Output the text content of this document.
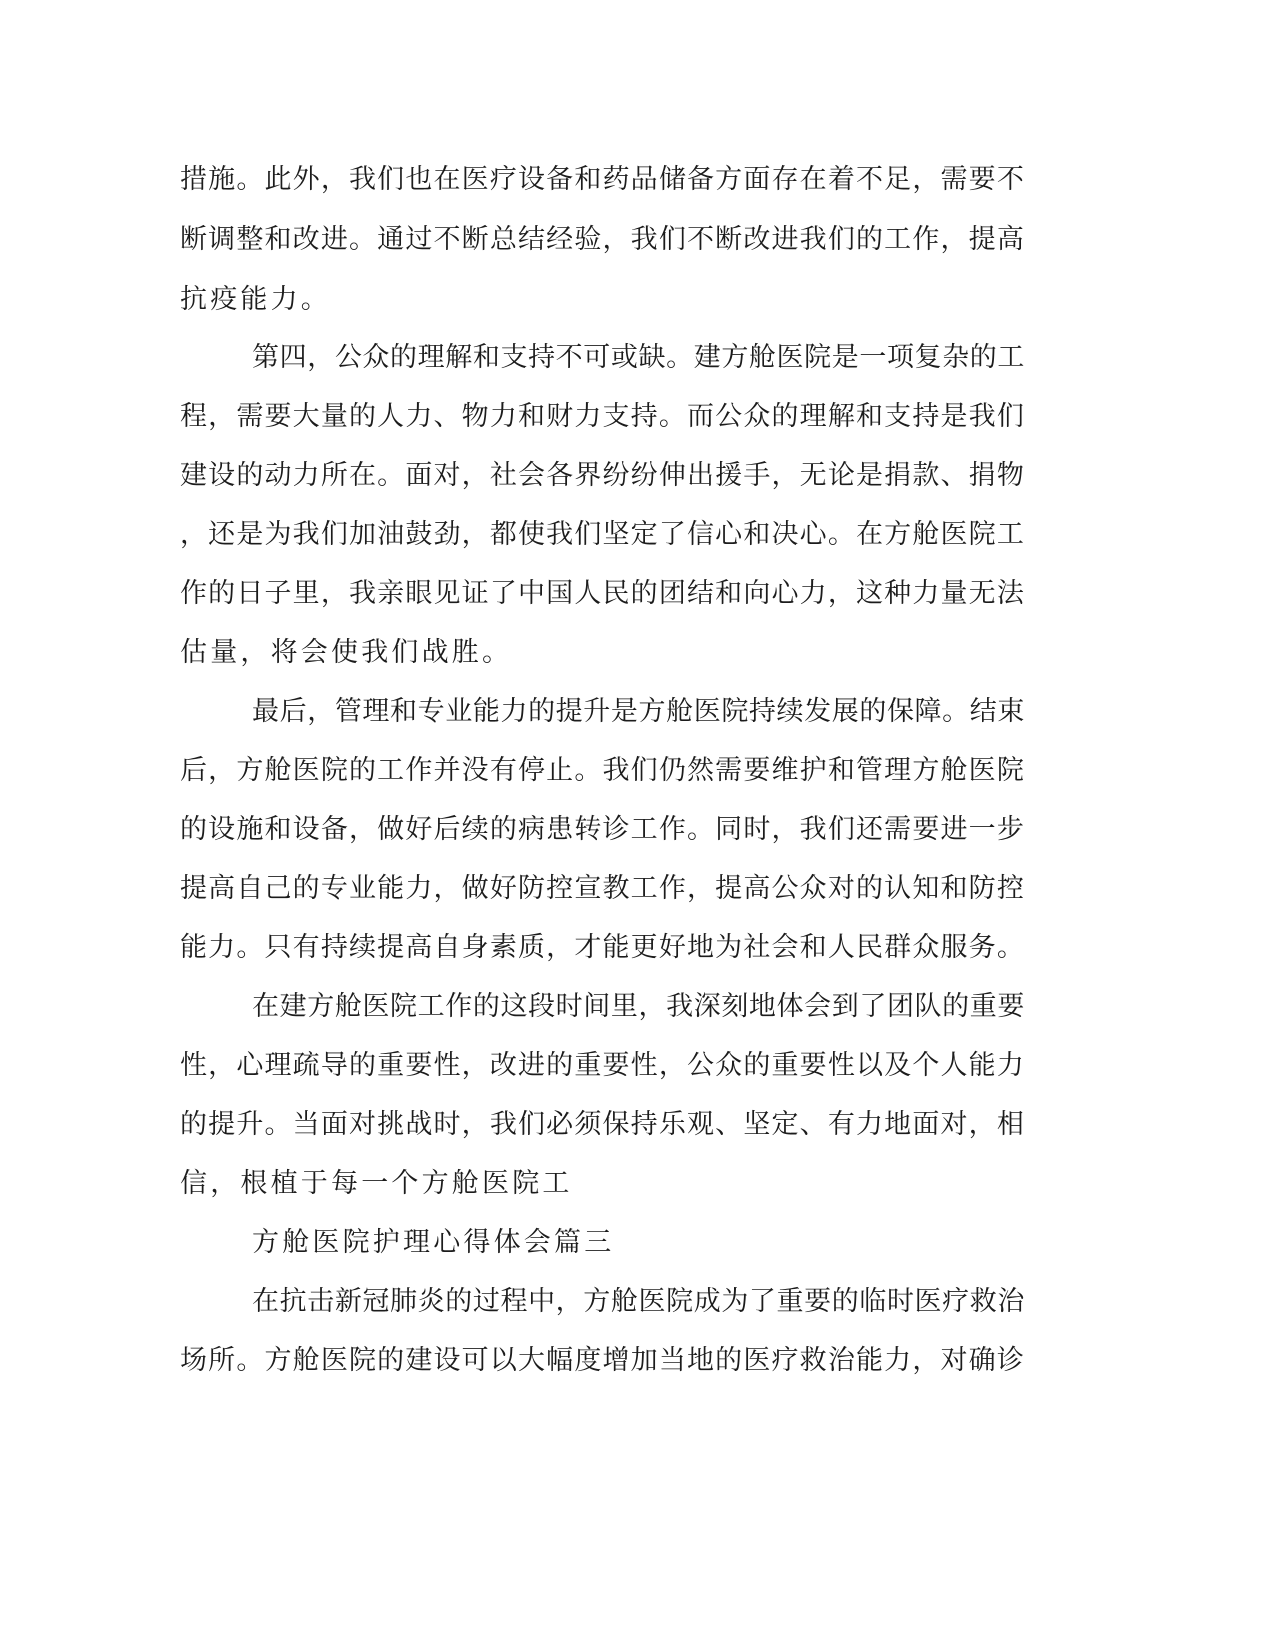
措施。此外，我们也在医疗设备和药品储备方面存在着不足，需要不
断调整和改进。通过不断总结经验，我们不断改进我们的工作，提高
抗疫能力。
第四，公众的理解和支持不可或缺。建方舱医院是一项复杂的工
程，需要大量的人力、物力和财力支持。而公众的理解和支持是我们
建设的动力所在。面对，社会各界纷纷伸出援手，无论是捐款、捐物
，还是为我们加油鼓劲，都使我们坚定了信心和决心。在方舱医院工
作的日子里，我亲眼见证了中国人民的团结和向心力，这种力量无法
估量，将会使我们战胜。
最后，管理和专业能力的提升是方舱医院持续发展的保障。结束
后，方舱医院的工作并没有停止。我们仍然需要维护和管理方舱医院
的设施和设备，做好后续的病患转诊工作。同时，我们还需要进一步
提高自己的专业能力，做好防控宣教工作，提高公众对的认知和防控
能力。只有持续提高自身素质，才能更好地为社会和人民群众服务。
在建方舱医院工作的这段时间里，我深刻地体会到了团队的重要
性，心理疏导的重要性，改进的重要性，公众的重要性以及个人能力
的提升。当面对挑战时，我们必须保持乐观、坚定、有力地面对，相
信，根植于每一个方舱医院工
方舱医院护理心得体会篇三
在抗击新冠肺炎的过程中，方舱医院成为了重要的临时医疗救治
场所。方舱医院的建设可以大幅度增加当地的医疗救治能力，对确诊
